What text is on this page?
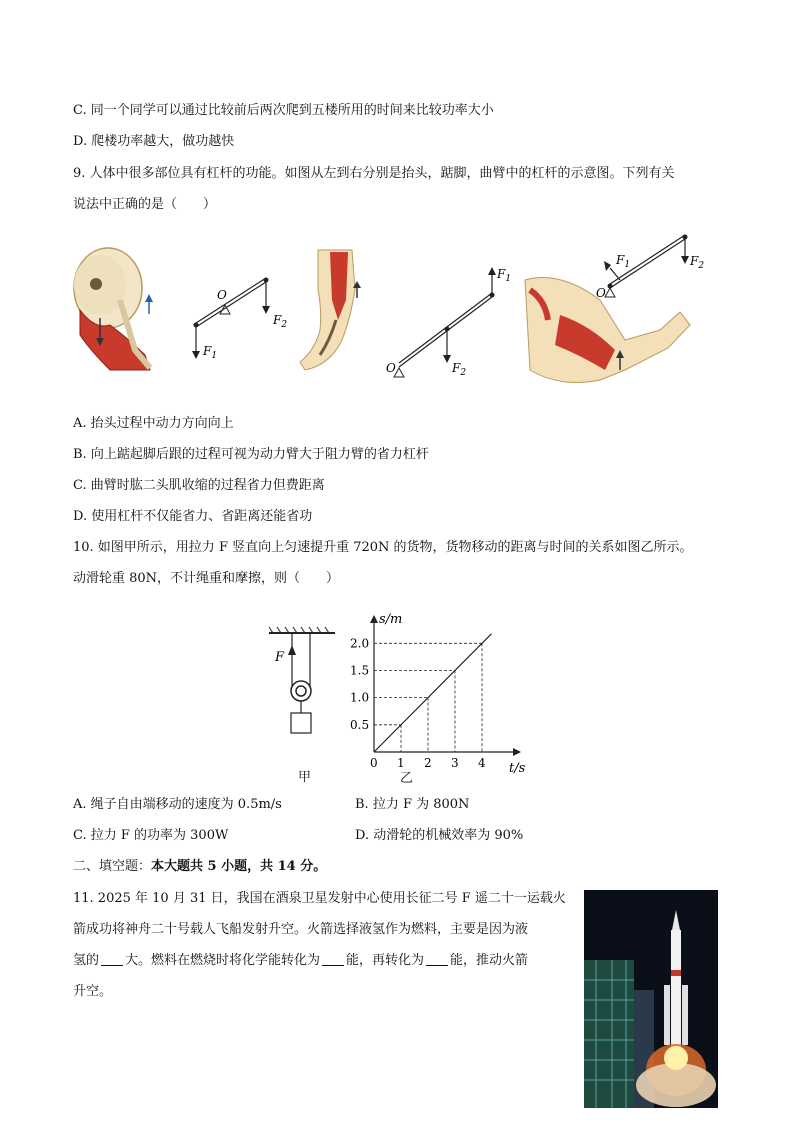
C. 同一个同学可以通过比较前后两次爬到五楼所用的时间来比较功率大小
D. 爬楼功率越大，做功越快
9. 人体中很多部位具有杠杆的功能。如图从左到右分别是抬头，踮脚，曲臂中的杠杆的示意图。下列有关
说法中正确的是（　　）
O
$F_1$
$F_2$
O	$F_2$
$F_1$
O
$F_1$	$F_2$
A. 抬头过程中动力方向向上
B. 向上踮起脚后跟的过程可视为动力臂大于阻力臂的省力杠杆
C. 曲臂时肱二头肌收缩的过程省力但费距离
D. 使用杠杆不仅能省力、省距离还能省功
10. 如图甲所示，用拉力 F 竖直向上匀速提升重 720N 的货物，货物移动的距离与时间的关系如图乙所示。
动滑轮重 80N，不计绳重和摩擦，则（　　）
F
甲
t/s
s/m
0 1 2 3 4
0.5
1.0
1.5
2.0
乙
A. 绳子自由端移动的速度为 0.5m/s	B. 拉力 F 为 800N
C. 拉力 F 的功率为 300W	D. 动滑轮的机械效率为 90%
二、填空题：本大题共 5 小题，共 14 分。
11. 2025 年 10 月 31 日，我国在酒泉卫星发射中心使用长征二号 F 遥二十一运载火
箭成功将神舟二十号载人飞船发射升空。火箭选择液氢作为燃料，主要是因为液
氢的 大。燃料在燃烧时将化学能转化为 能，再转化为 能，推动火箭
升空。
